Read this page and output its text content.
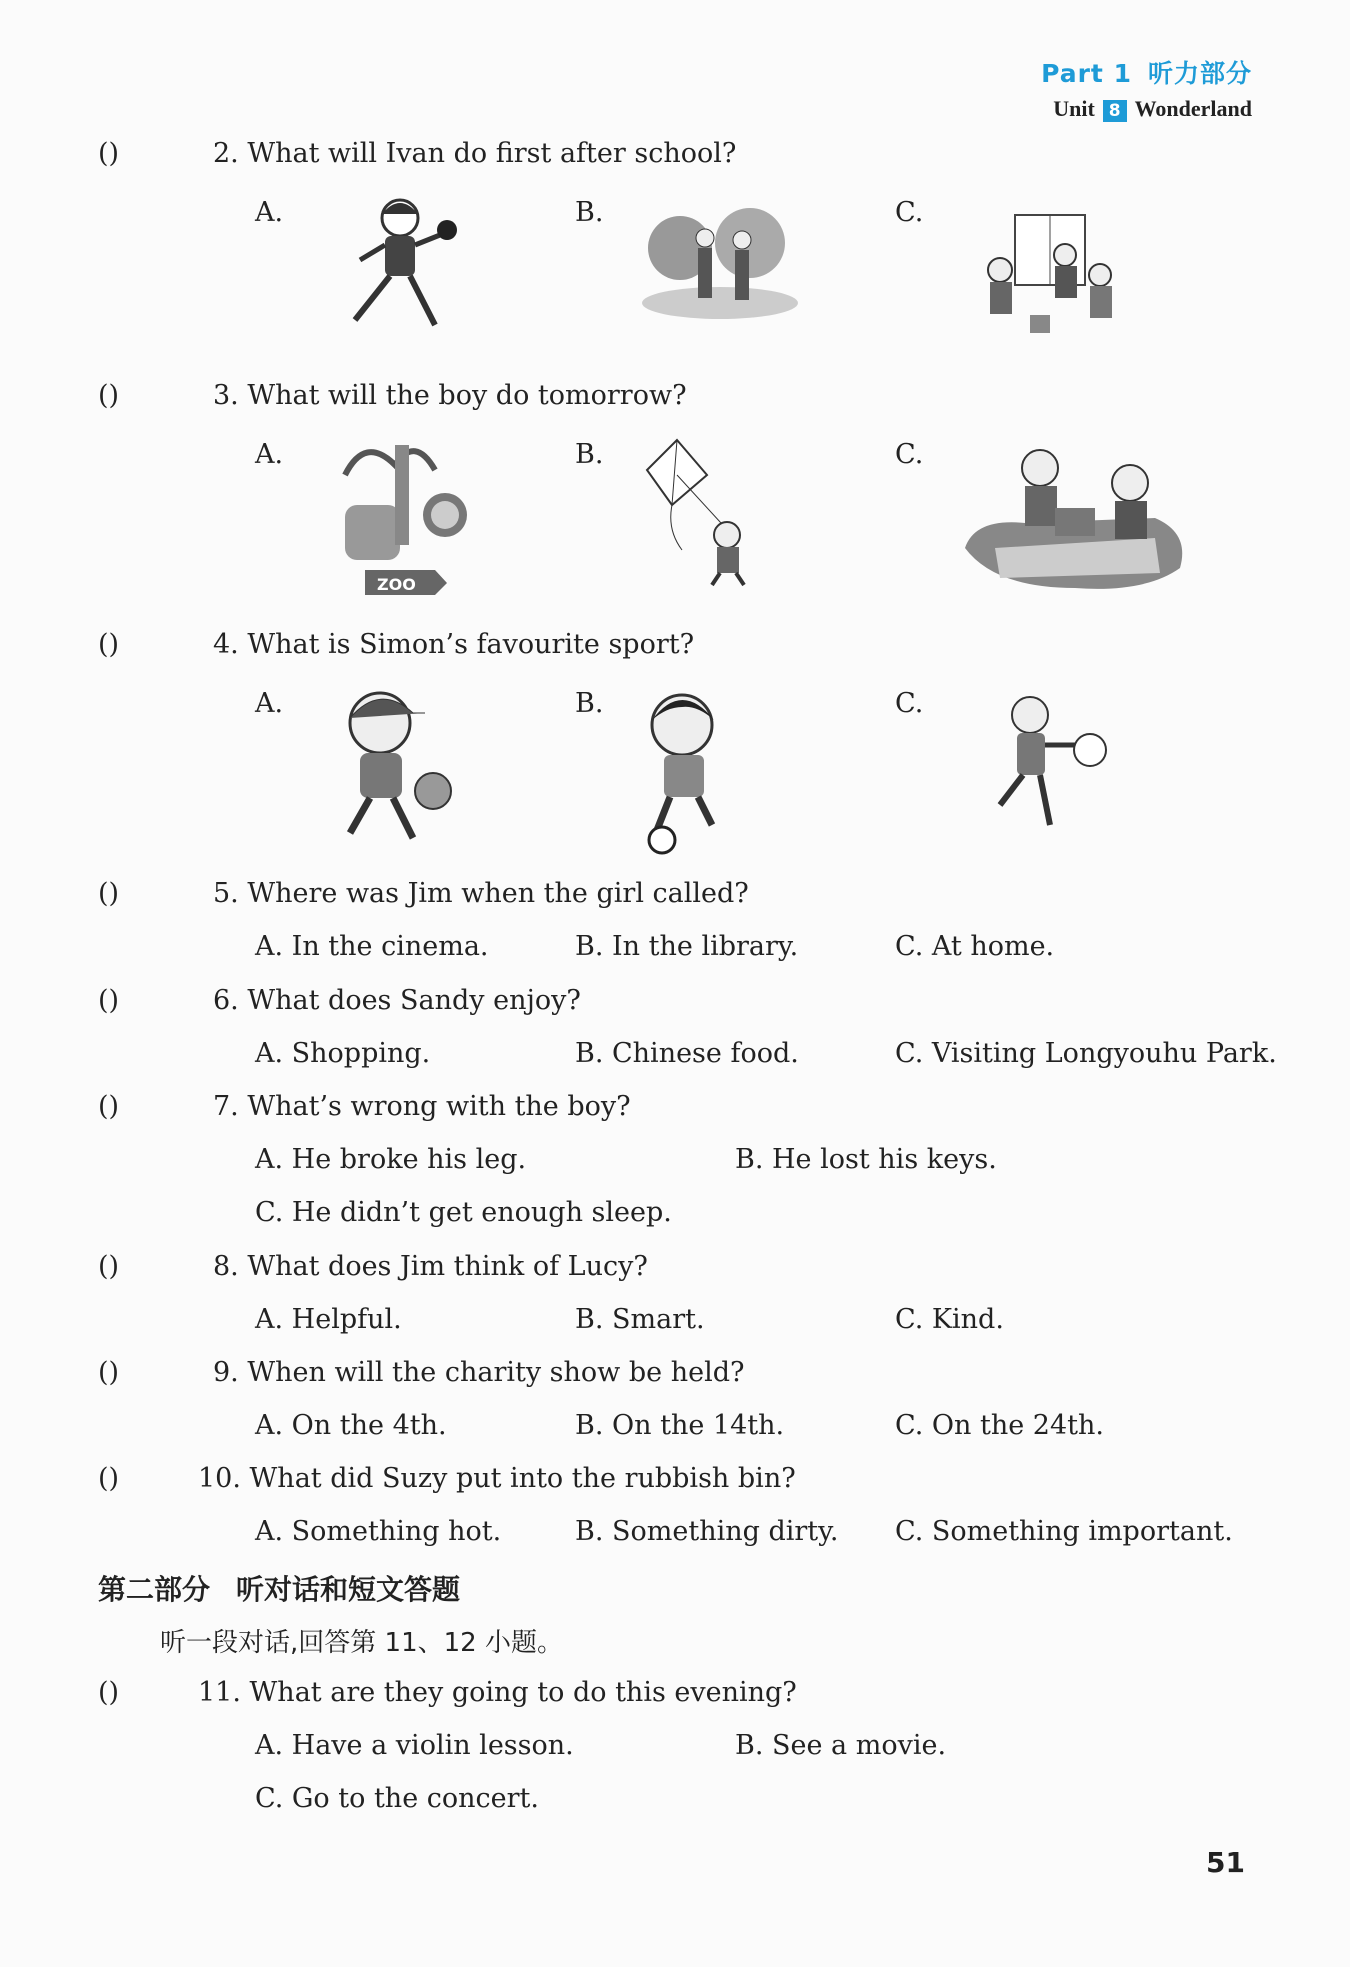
Part 1 听力部分
Unit 8 Wonderland
()	2. What will Ivan do first after school?
A.	B.	C.
()	3. What will the boy do tomorrow?
A.	B.	C.
ZOO
()	4. What is Simon’s favourite sport?
A.	B.	C.
()	5. Where was Jim when the girl called?
A. In the cinema.	B. In the library.	C. At home.
()	6. What does Sandy enjoy?
A. Shopping.	B. Chinese food.	C. Visiting Longyouhu Park.
()	7. What’s wrong with the boy?
A. He broke his leg.	B. He lost his keys.
C. He didn’t get enough sleep.
()	8. What does Jim think of Lucy?
A. Helpful.	B. Smart.	C. Kind.
()	9. When will the charity show be held?
A. On the 4th.	B. On the 14th.	C. On the 24th.
()	10. What did Suzy put into the rubbish bin?
A. Something hot.	B. Something dirty. C. Something important.
第二部分 听对话和短文答题
听一段对话,回答第 11、12 小题。
()	11. What are they going to do this evening?
A. Have a violin lesson.	B. See a movie.
C. Go to the concert.
51
